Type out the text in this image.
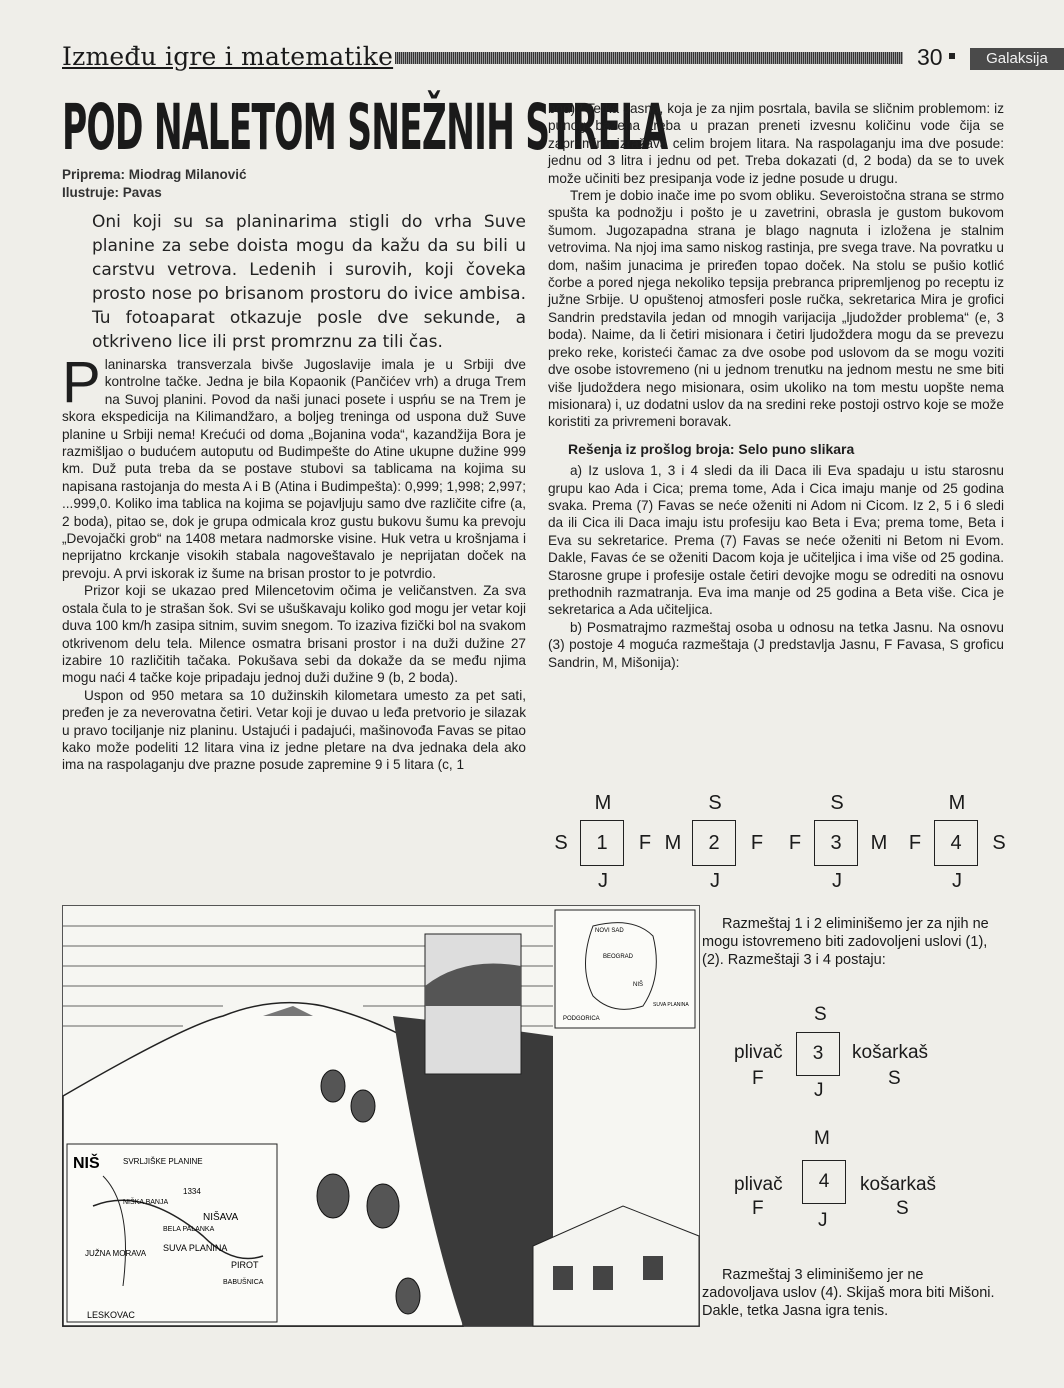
Između igre i matematike	30	Galaksija
POD NALETOM SNEŽNIH STRELA
Priprema: Miodrag Milanović
Ilustruje: Pavas
Oni koji su sa planinarima stigli do vrha Suve planine za sebe doista mogu da kažu da su bili u carstvu vetrova. Ledenih i surovih, koji čoveka prosto nose po brisanom prostoru do ivice ambisa. Tu fotoaparat otkazuje posle dve sekunde, a otkriveno lice ili prst promrznu za tili čas.

Planinarska transverzala bivše Jugoslavije imala je u Srbiji dve kontrolne tačke. Jedna je bila Kopaonik (Pančićev vrh) a druga Trem na Suvoj planini. Povod da naši junaci posete i uspńu se na Trem je skora ekspedicija na Kilimandžaro, a bolјeg treninga od uspona duž Suve planine u Srbiji nema! Krećući od doma „Bojanina voda“, kazandžija Bora je razmišljao o budućem autoputu od Budimpešte do Atine ukupne dužine 999 km. Duž puta treba da se postave stubovi sa tablicama na kojima su napisana rastojanja do mesta A i B (Atina i Budimpešta): 0,999; 1,998; 2,997; ...999,0. Koliko ima tablica na kojima se pojavljuju samo dve različite cifre (a, 2 boda), pitao se, dok je grupa odmicala kroz gustu bukovu šumu ka prevoju „Devojački grob“ na 1408 metara nadmorske visine. Huk vetra u krošnjama i neprijatno krckanje visokih stabala nagoveštavalo je neprijatan doček na prevoju. A prvi iskorak iz šume na brisan prostor to je potvrdio.

Prizor koji se ukazao pred Milencetovim očima je veličanstven. Za sva ostala čula to je strašan šok. Svi se ušuškavaju koliko god mogu jer vetar koji duva 100 km/h zasipa sitnim, suvim snegom. To izaziva fizički bol na svakom otkrivenom delu tela. Milence osmatra brisani prostor i na duži dužine 27 izabire 10 različitih tačaka. Pokušava sebi da dokaže da se među njima mogu naći 4 tačke koje pripadaju jednoj duži dužine 9 (b, 2 boda).

Uspon od 950 metara sa 10 dužinskih kilometara umesto za pet sati, pređen je za neverovatna četiri. Vetar koji je duvao u leđa pretvorio je silazak u pravo tociljanje niz planinu. Ustajući i padajući, mašinovođa Favas se pitao kako može podeliti 12 litara vina iz jedne pletare na dva jednaka dela ako ima na raspolaganju dve prazne posude zapremine 9 i 5 litara (c, 1

bod)? Tetka Jasna, koja je za njim posrtala, bavila se sličnim problemom: iz punog bazena treba u prazan preneti izvesnu količinu vode čija se zapremina izražava celim brojem litara. Na raspolaganju ima dve posude: jednu od 3 litra i jednu od pet. Treba dokazati (d, 2 boda) da se to uvek može učiniti bez presipanja vode iz jedne posude u drugu.

Trem je dobio inače ime po svom obliku. Severoistočna strana se strmo spušta ka podnožju i pošto je u zavetrini, obrasla je gustom bukovom šumom. Jugozapadna strana je blago nagnuta i izložena je stalnim vetrovima. Na njoj ima samo niskog rastinja, pre svega trave. Na povratku u dom, našim junacima je priređen topao doček. Na stolu se pušio kotlić čorbe a pored njega nekoliko tepsija prebranca pripremljenog po receptu iz južne Srbije. U opuštenoj atmosferi posle ručka, sekretarica Mira je grofici Sandrin predstavila jedan od mnogih varijacija „ljudožder problema“ (e, 3 boda). Naime, da li četiri misionara i četiri ljudoždera mogu da se prevezu preko reke, koristeći čamac za dve osobe pod uslovom da se mogu voziti dve osobe istovremeno (ni u jednom trenutku na jednom mestu ne sme biti više ljudoždera nego misionara, osim ukoliko na tom mestu uopšte nema misionara) i, uz dodatni uslov da na sredini reke postoji ostrvo koje se može koristiti za privremeni boravak.

Rešenja iz prošlog broja: Selo puno slikara

a) Iz uslova 1, 3 i 4 sledi da ili Daca ili Eva spadaju u istu starosnu grupu kao Ada i Cica; prema tome, Ada i Cica imaju manje od 25 godina svaka. Prema (7) Favas se neće oženiti ni Adom ni Cicom. Iz 2, 5 i 6 sledi da ili Cica ili Daca imaju istu profesiju kao Beta i Eva; prema tome, Beta i Eva su sekretarice. Prema (7) Favas se neće oženiti ni Betom ni Evom. Dakle, Favas će se oženiti Dacom koja je učiteljica i ima više od 25 godina. Starosne grupe i profesije ostale četiri devojke mogu se odrediti na osnovu prethodnih razmatranja. Eva ima manje od 25 godina a Beta više. Cica je sekretarica a Ada učiteljica.

b) Posmatrajmo razmeštaj osoba u odnosu na tetka Jasnu. Na osnovu (3) postoje 4 moguća razmeštaja (J predstavlja Jasnu, F Favasa, S groficu Sandrin, M, Mišonija):

M
S	1	F
J
S
M	2	F
J
S
F	3	M
J
M
F	4	S
J
NIŠ	SVRLJIŠKE PLANINE
1334
NIŠKA BANJA
NIŠAVA
BELA PALANKA
SUVA PLANINA
JUŽNA MORAVA
PIROT
BABUŠNICA
LESKOVAC
NOVI SAD
BEOGRAD
NIŠ
PODGORICA
SUVA PLANINA

Razmeštaj 1 i 2 eliminišemo jer za njih ne mogu istovremeno biti zadovoljeni uslovi (1), (2). Razmeštaji 3 i 4 postaju:

S
plivač
F
3	košarkaš
S
J
M
plivač
F
4	košarkaš
S
J

Razmeštaj 3 eliminišemo jer ne zadovoljava uslov (4). Skijaš mora biti Mišoni. Dakle, tetka Jasna igra tenis.
